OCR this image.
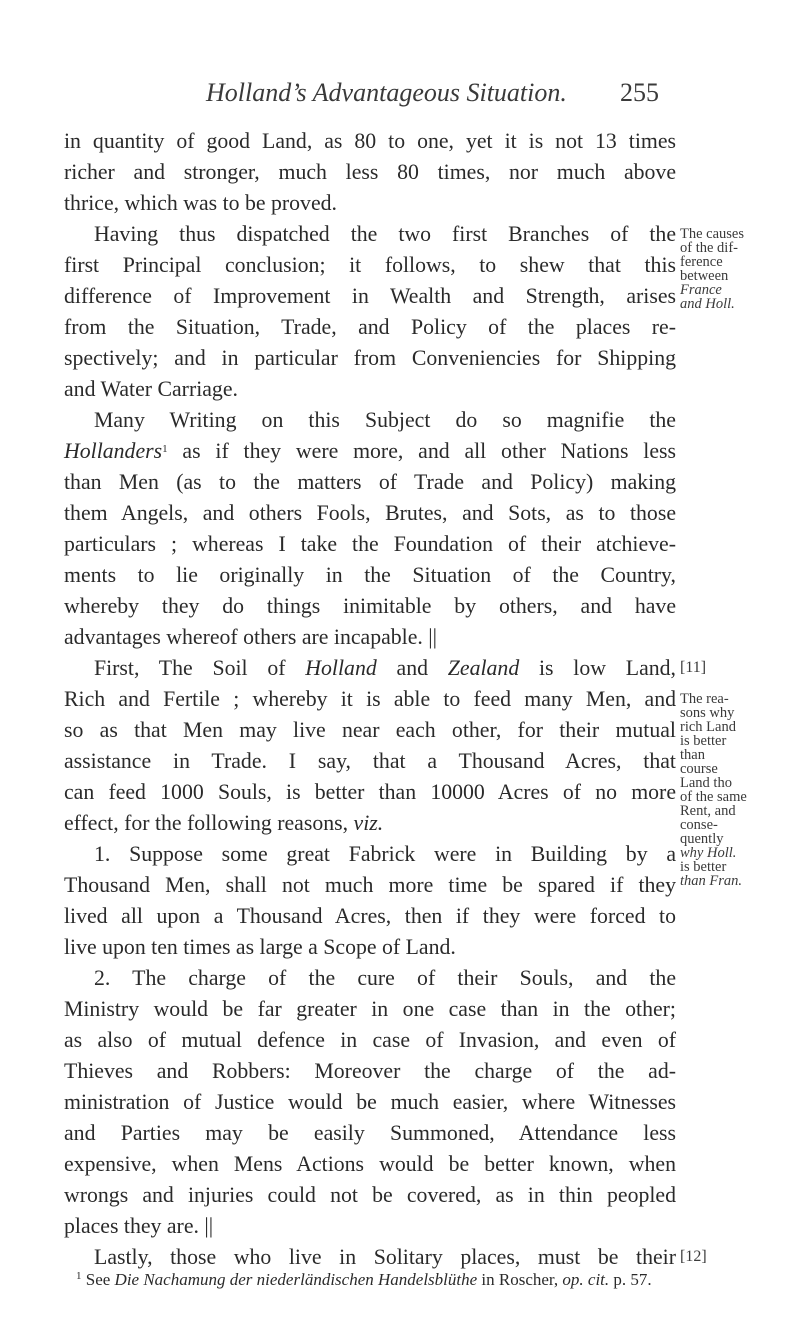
Holland’s Advantageous Situation. 255
in quantity of good Land, as 80 to one, yet it is not 13 times
richer and stronger, much less 80 times, nor much above
thrice, which was to be proved.
Having thus dispatched the two first Branches of the
first Principal conclusion; it follows, to shew that this
difference of Improvement in Wealth and Strength, arises
from the Situation, Trade, and Policy of the places re-
spectively; and in particular from Conveniencies for Shipping
and Water Carriage.
Many Writing on this Subject do so magnifie the
Hollanders$^1$ as if they were more, and all other Nations less
than Men (as to the matters of Trade and Policy) making
them Angels, and others Fools, Brutes, and Sots, as to those
particulars ; whereas I take the Foundation of their atchieve-
ments to lie originally in the Situation of the Country,
whereby they do things inimitable by others, and have
advantages whereof others are incapable. ||
First, The Soil of Holland and Zealand is low Land,
Rich and Fertile ; whereby it is able to feed many Men, and
so as that Men may live near each other, for their mutual
assistance in Trade. I say, that a Thousand Acres, that
can feed 1000 Souls, is better than 10000 Acres of no more
effect, for the following reasons, viz.
1. Suppose some great Fabrick were in Building by a
Thousand Men, shall not much more time be spared if they
lived all upon a Thousand Acres, then if they were forced to
live upon ten times as large a Scope of Land.
2. The charge of the cure of their Souls, and the
Ministry would be far greater in one case than in the other;
as also of mutual defence in case of Invasion, and even of
Thieves and Robbers: Moreover the charge of the ad-
ministration of Justice would be much easier, where Witnesses
and Parties may be easily Summoned, Attendance less
expensive, when Mens Actions would be better known, when
wrongs and injuries could not be covered, as in thin peopled
places they are. ||
Lastly, those who live in Solitary places, must be their
The causes
of the dif-
ference
between
France
and Holl.
The rea-
sons why
rich Land
is better
than
course
Land tho
of the same
Rent, and
conse-
quently
why Holl.
is better
than Fran.
[11]
[12]
$^1$ See Die Nachamung der niederländischen Handelsblüthe in Roscher, op. cit. p. 57.
